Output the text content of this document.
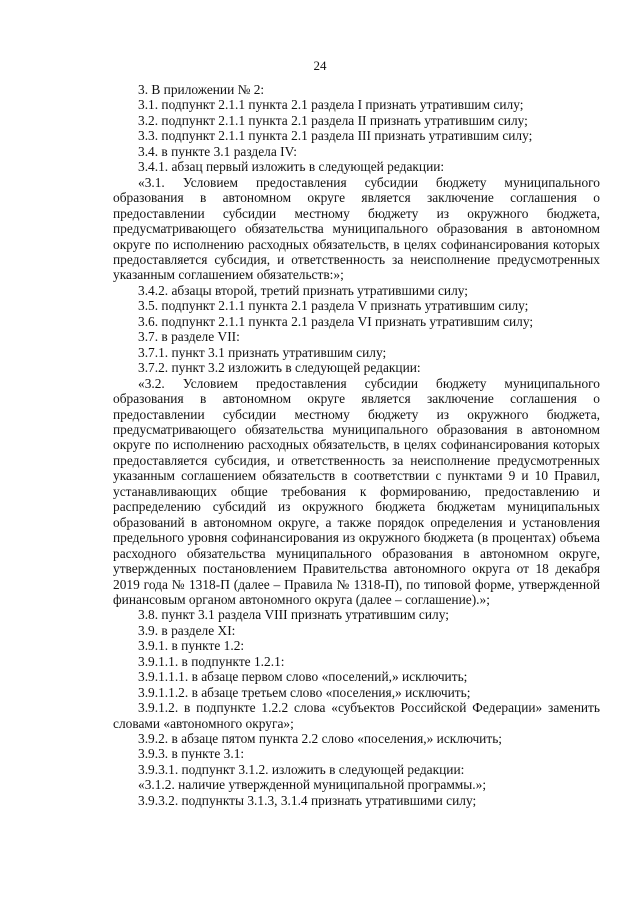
24

3. В приложении № 2:

3.1. подпункт 2.1.1 пункта 2.1 раздела I признать утратившим силу;

3.2. подпункт 2.1.1 пункта 2.1 раздела II признать утратившим силу;

3.3. подпункт 2.1.1 пункта 2.1 раздела III признать утратившим силу;

3.4. в пункте 3.1 раздела IV:

3.4.1. абзац первый изложить в следующей редакции:

«3.1. Условием предоставления субсидии бюджету муниципального образования в автономном округе является заключение соглашения о предоставлении субсидии местному бюджету из окружного бюджета, предусматривающего обязательства муниципального образования в автономном округе по исполнению расходных обязательств, в целях софинансирования которых предоставляется субсидия, и ответственность за неисполнение предусмотренных указанным соглашением обязательств:»;

3.4.2. абзацы второй, третий признать утратившими силу;

3.5. подпункт 2.1.1 пункта 2.1 раздела V признать утратившим силу;

3.6. подпункт 2.1.1 пункта 2.1 раздела VI признать утратившим силу;

3.7. в разделе VII:

3.7.1. пункт 3.1 признать утратившим силу;

3.7.2. пункт 3.2 изложить в следующей редакции:

«3.2. Условием предоставления субсидии бюджету муниципального образования в автономном округе является заключение соглашения о предоставлении субсидии местному бюджету из окружного бюджета, предусматривающего обязательства муниципального образования в автономном округе по исполнению расходных обязательств, в целях софинансирования которых предоставляется субсидия, и ответственность за неисполнение предусмотренных указанным соглашением обязательств в соответствии с пунктами 9 и 10 Правил, устанавливающих общие требования к формированию, предоставлению и распределению субсидий из окружного бюджета бюджетам муниципальных образований в автономном округе, а также порядок определения и установления предельного уровня софинансирования из окружного бюджета (в процентах) объема расходного обязательства муниципального образования в автономном округе, утвержденных постановлением Правительства автономного округа от 18 декабря 2019 года № 1318-П (далее – Правила № 1318-П), по типовой форме, утвержденной финансовым органом автономного округа (далее – соглашение).»;

3.8. пункт 3.1 раздела VIII признать утратившим силу;

3.9. в разделе XI:

3.9.1. в пункте 1.2:

3.9.1.1. в подпункте 1.2.1:

3.9.1.1.1. в абзаце первом слово «поселений,» исключить;

3.9.1.1.2. в абзаце третьем слово «поселения,» исключить;

3.9.1.2. в подпункте 1.2.2 слова «субъектов Российской Федерации» заменить словами «автономного округа»;

3.9.2. в абзаце пятом пункта 2.2 слово «поселения,» исключить;

3.9.3. в пункте 3.1:

3.9.3.1. подпункт 3.1.2. изложить в следующей редакции:

«3.1.2. наличие утвержденной муниципальной программы.»;

3.9.3.2. подпункты 3.1.3, 3.1.4 признать утратившими силу;
